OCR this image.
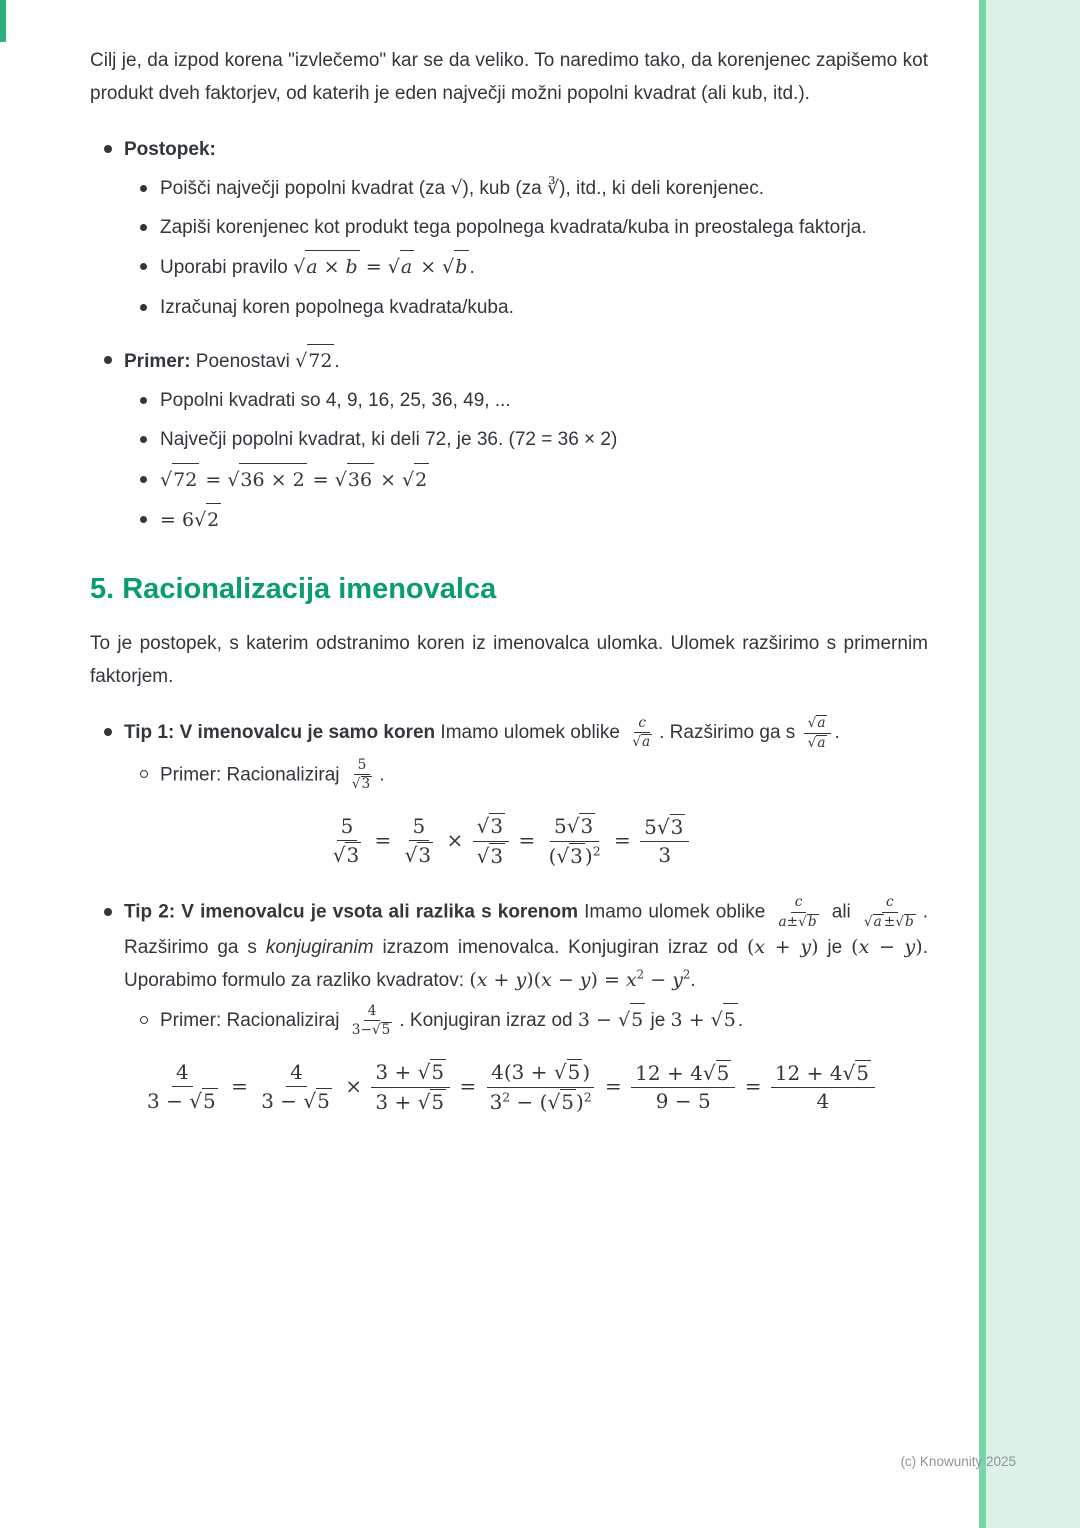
Cilj je, da izpod korena "izvlečemo" kar se da veliko. To naredimo tako, da korenjenec zapišemo kot produkt dveh faktorjev, od katerih je eden največji možni popolni kvadrat (ali kub, itd.).

Postopek:
Poišči največji popolni kvadrat (za √), kub (za ∛), itd., ki deli korenjenec.
Zapiši korenjenec kot produkt tega popolnega kvadrata/kuba in preostalega faktorja.
Uporabi pravilo √a × b = √a × √b .
Izračunaj koren popolnega kvadrata/kuba.
Primer: Poenostavi √72 .
Popolni kvadrati so 4, 9, 16, 25, 36, 49, ...
Največji popolni kvadrat, ki deli 72, je 36. (72 = 36 × 2)
√72 = √36 × 2 = √36 × √2
= 6√2
5. Racionalizacija imenovalca

To je postopek, s katerim odstranimo koren iz imenovalca ulomka. Ulomek razširimo s primernim faktorjem.

Tip 1: V imenovalcu je samo koren Imamo ulomek oblike $\frac{c}{√a}$ . Razširimo ga s $\frac{√a}{√a}$ .
Primer: Racionaliziraj $\frac{5}{√3}$ .
$\frac{5}{√3} = \frac{5}{√3} \times \frac{√3}{√3} = \frac{5√3}{(√3 )^2} = \frac{5√3}{3}$
Tip 2: V imenovalcu je vsota ali razlika s korenom Imamo ulomek oblike $\frac{c}{a\pm√b}$ ali $\frac{c}{√a \pm√b}$ . Razširimo ga s konjugiranim izrazom imenovalca. Konjugiran izraz od (x + y) je (x − y). Uporabimo formulo za razliko kvadratov: $(x + y)(x - y) = x^2 - y^2$.
Primer: Racionaliziraj $\frac{4}{3-√5}$ . Konjugiran izraz od 3 − √5 je 3 + √5 .
$\frac{4}{3 - √5} = \frac{4}{3 - √5} \times \frac{3 + √5}{3 + √5} = \frac{4(3 + √5 )}{3^2 - (√5 )^2} = \frac{12 + 4√5}{9 - 5} = \frac{12 + 4√5}{4}$
(c) Knowunity 2025
